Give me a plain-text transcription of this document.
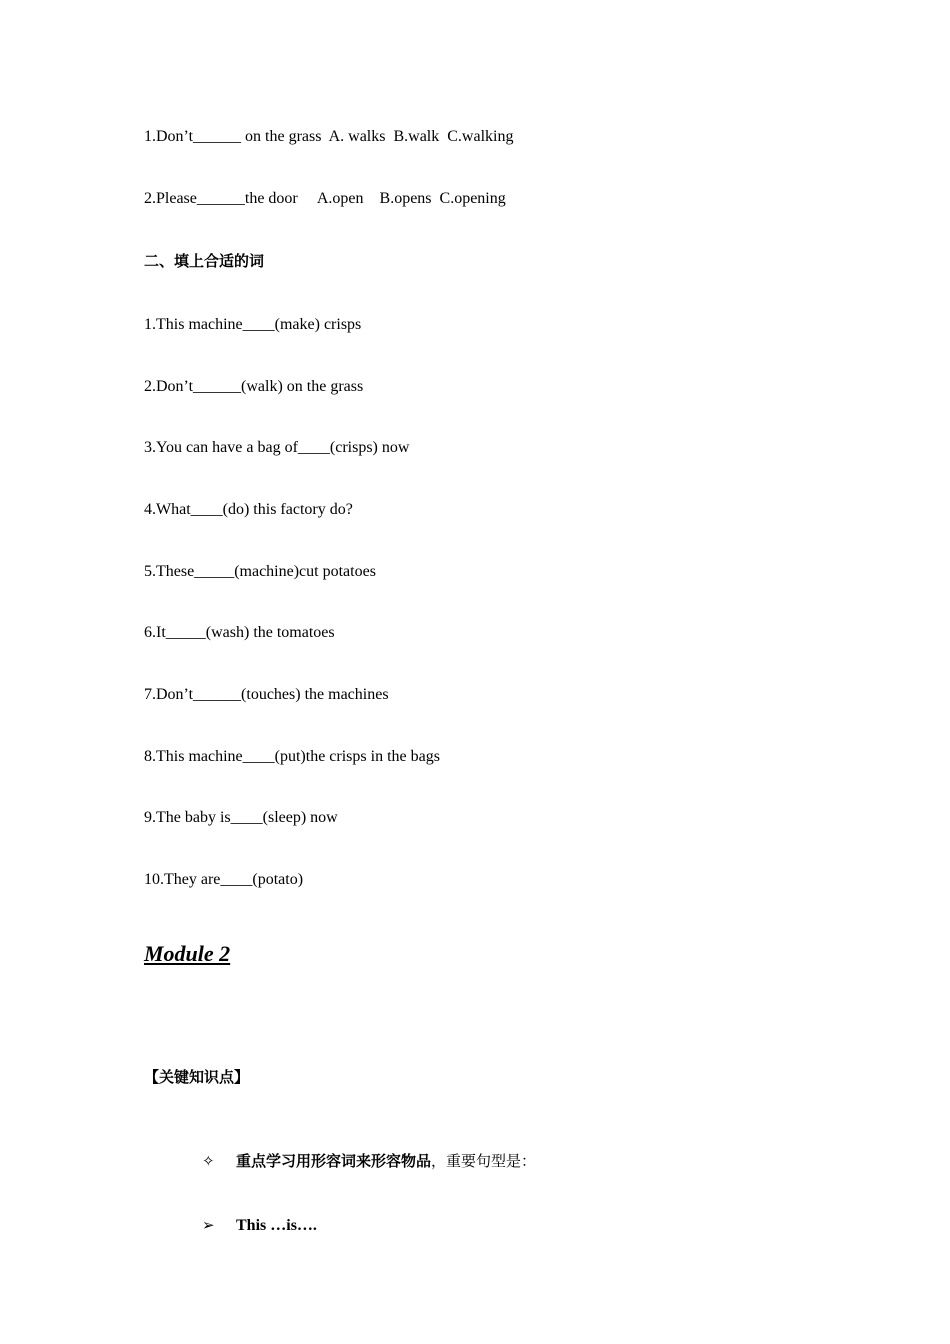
1.Don’t______ on the grass  A. walks  B.walk  C.walking
2.Please______the door     A.open    B.opens  C.opening
二、填上合适的词
1.This machine____(make) crisps
2.Don’t______(walk) on the grass
3.You can have a bag of____(crisps) now
4.What____(do) this factory do?
5.These_____(machine)cut potatoes
6.It_____(wash) the tomatoes
7.Don’t______(touches) the machines
8.This machine____(put)the crisps in the bags
9.The baby is____(sleep) now
10.They are____(potato)
Module 2
【关键知识点】

✧ 重点学习用形容词来形容物品，重要句型是：

➢ This …is….
